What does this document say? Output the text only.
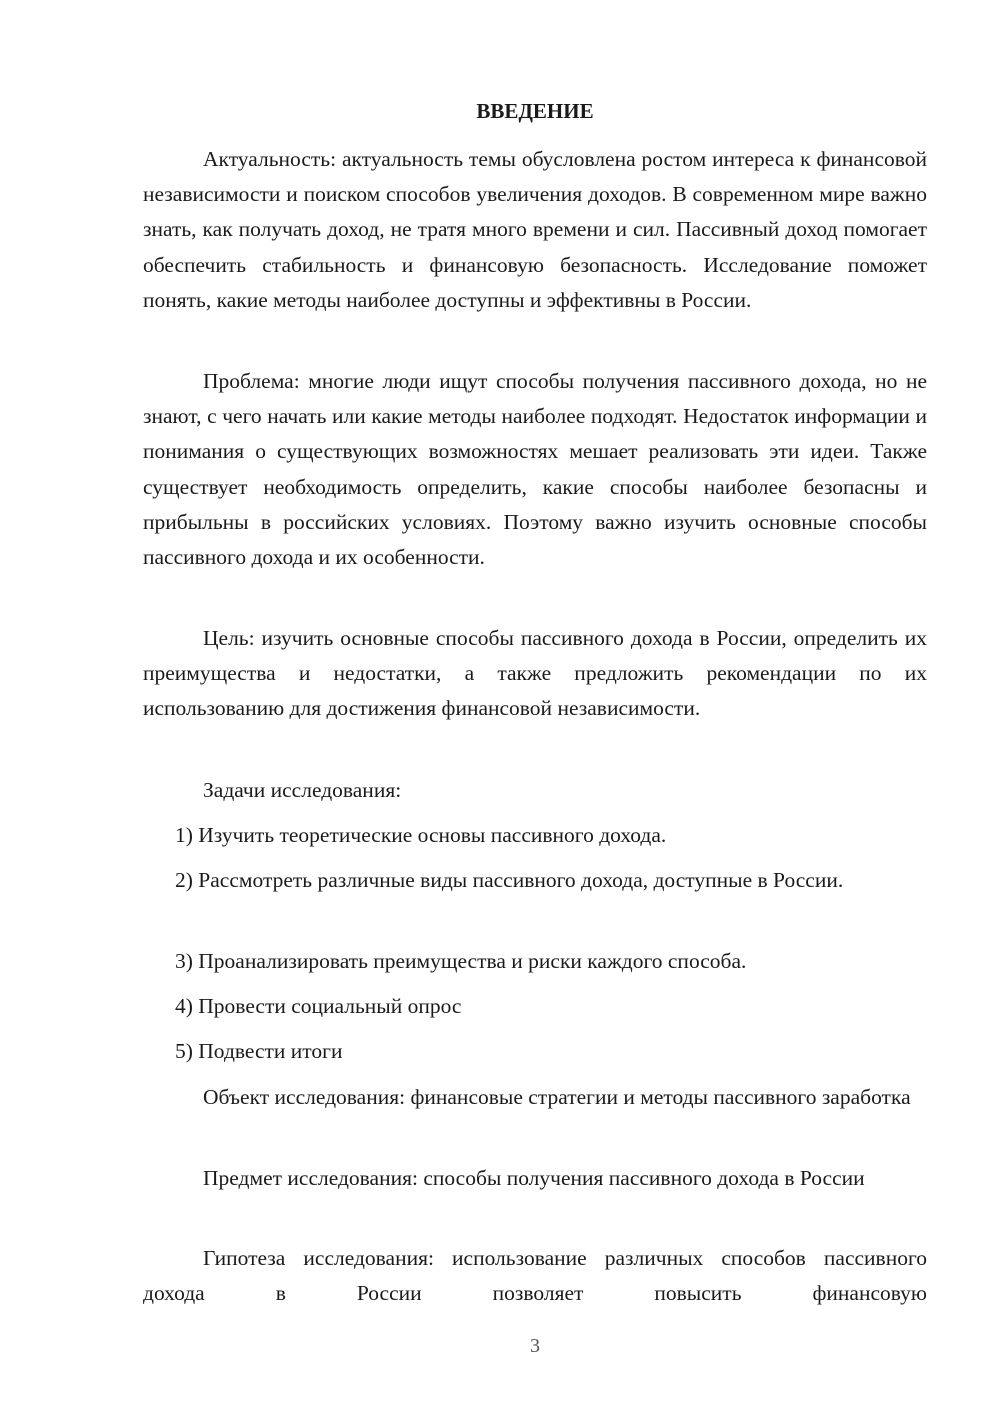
ВВЕДЕНИЕ

Актуальность: актуальность темы обусловлена ростом интереса к финансовой независимости и поиском способов увеличения доходов. В современном мире важно знать, как получать доход, не тратя много времени и сил. Пассивный доход помогает обеспечить стабильность и финансовую безопасность. Исследование поможет понять, какие методы наиболее доступны и эффективны в России.

Проблема: многие люди ищут способы получения пассивного дохода, но не знают, с чего начать или какие методы наиболее подходят. Недостаток информации и понимания о существующих возможностях мешает реализовать эти идеи. Также существует необходимость определить, какие способы наиболее безопасны и прибыльны в российских условиях. Поэтому важно изучить основные способы пассивного дохода и их особенности.

Цель: изучить основные способы пассивного дохода в России, определить их преимущества и недостатки, а также предложить рекомендации по их использованию для достижения финансовой независимости.

Задачи исследования:

1) Изучить теоретические основы пассивного дохода.

2) Рассмотреть различные виды пассивного дохода, доступные в России.

3) Проанализировать преимущества и риски каждого способа.

4) Провести социальный опрос

5) Подвести итоги

Объект исследования: финансовые стратегии и методы пассивного заработка

Предмет исследования: способы получения пассивного дохода в России

Гипотеза исследования: использование различных способов пассивного дохода в России позволяет повысить финансовую

3
